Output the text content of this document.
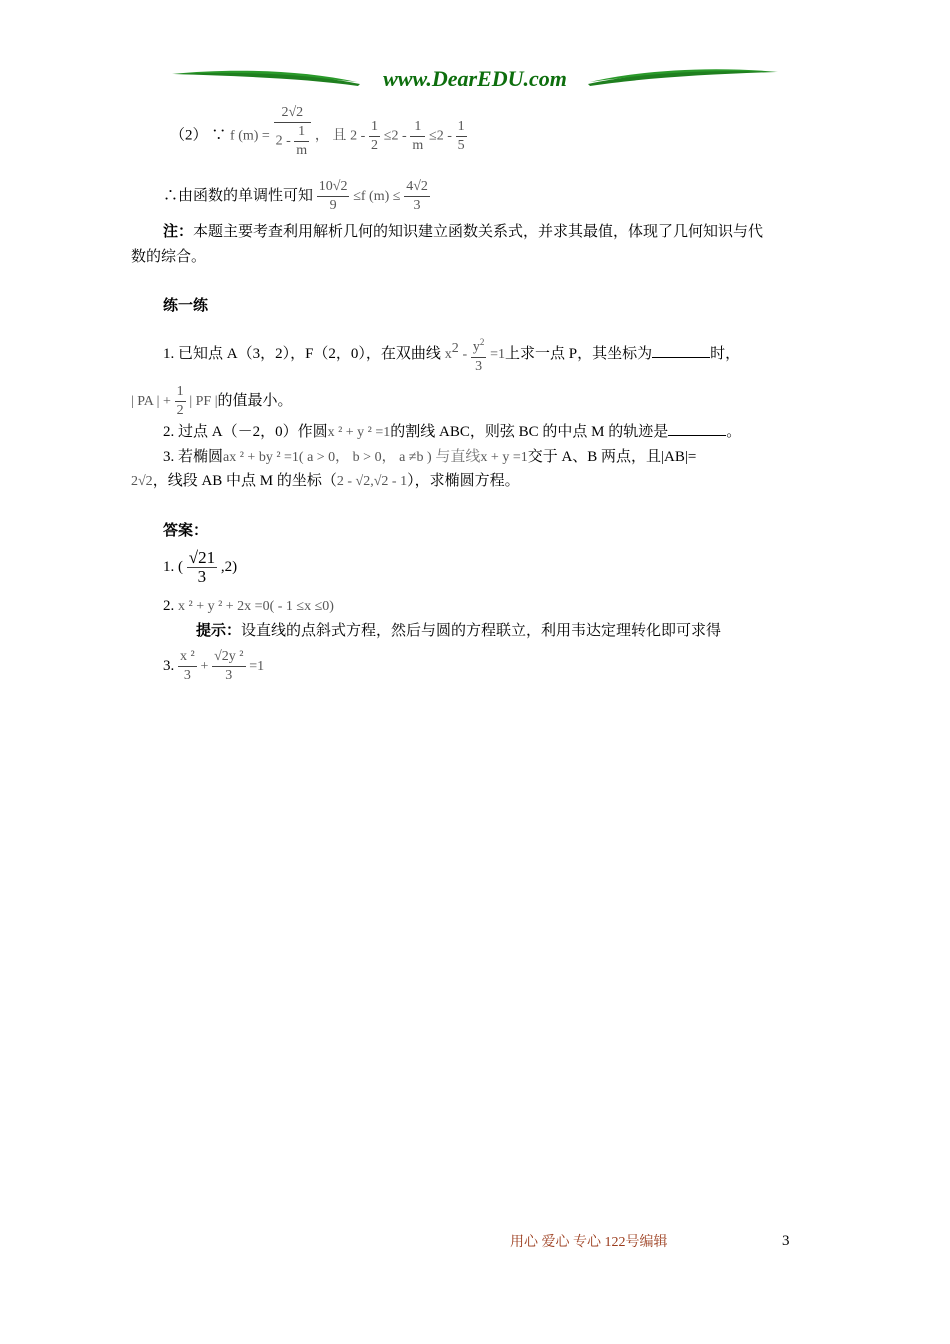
www.DearEDU.com
（2） ∵ f $(m) = \frac{2√2}{2 - \frac{1}{m}}$ ， 且 $2 - \frac{1}{2} \le 2 - \frac{1}{m} \le 2 - \frac{1}{5}$
∴由函数的单调性可知 $\frac{10√2}{9} \le f$ $(m) \le \frac{4√2}{3}$
注：本题主要考查利用解析几何的知识建立函数关系式，并求其最值，体现了几何知识与代
数的综合。
练一练
1. 已知点 A（3，2），F（2，0），在双曲线 $x^2 - \frac{y^2}{3} =1$上求一点 P，其坐标为	时，
| PA | + $\frac{1}{2}$ | PF |的值最小。
2. 过点 A（－2，0）作圆x ² + y ² =1的割线 ABC，则弦 BC 的中点 M 的轨迹是	。
3. 若椭圆ax ² + by ² =1( a > 0， b > 0， a ≠b ) 与直线x + y =1交于 A、B 两点，且|AB|=
2√2，线段 AB 中点 M 的坐标（2 - √2,√2 - 1），求椭圆方程。
答案：
1. ( $\frac{√21}{3} ,2$)
2. x ² + y ² + 2x =0( - 1 ≤x ≤0)
提示：设直线的点斜式方程，然后与圆的方程联立，利用韦达定理转化即可求得
3. $\frac{\text{x ²}}{3} + \frac{\text{√2y ²}}{3} =1$
用心 爱心 专心 122号编辑	3
